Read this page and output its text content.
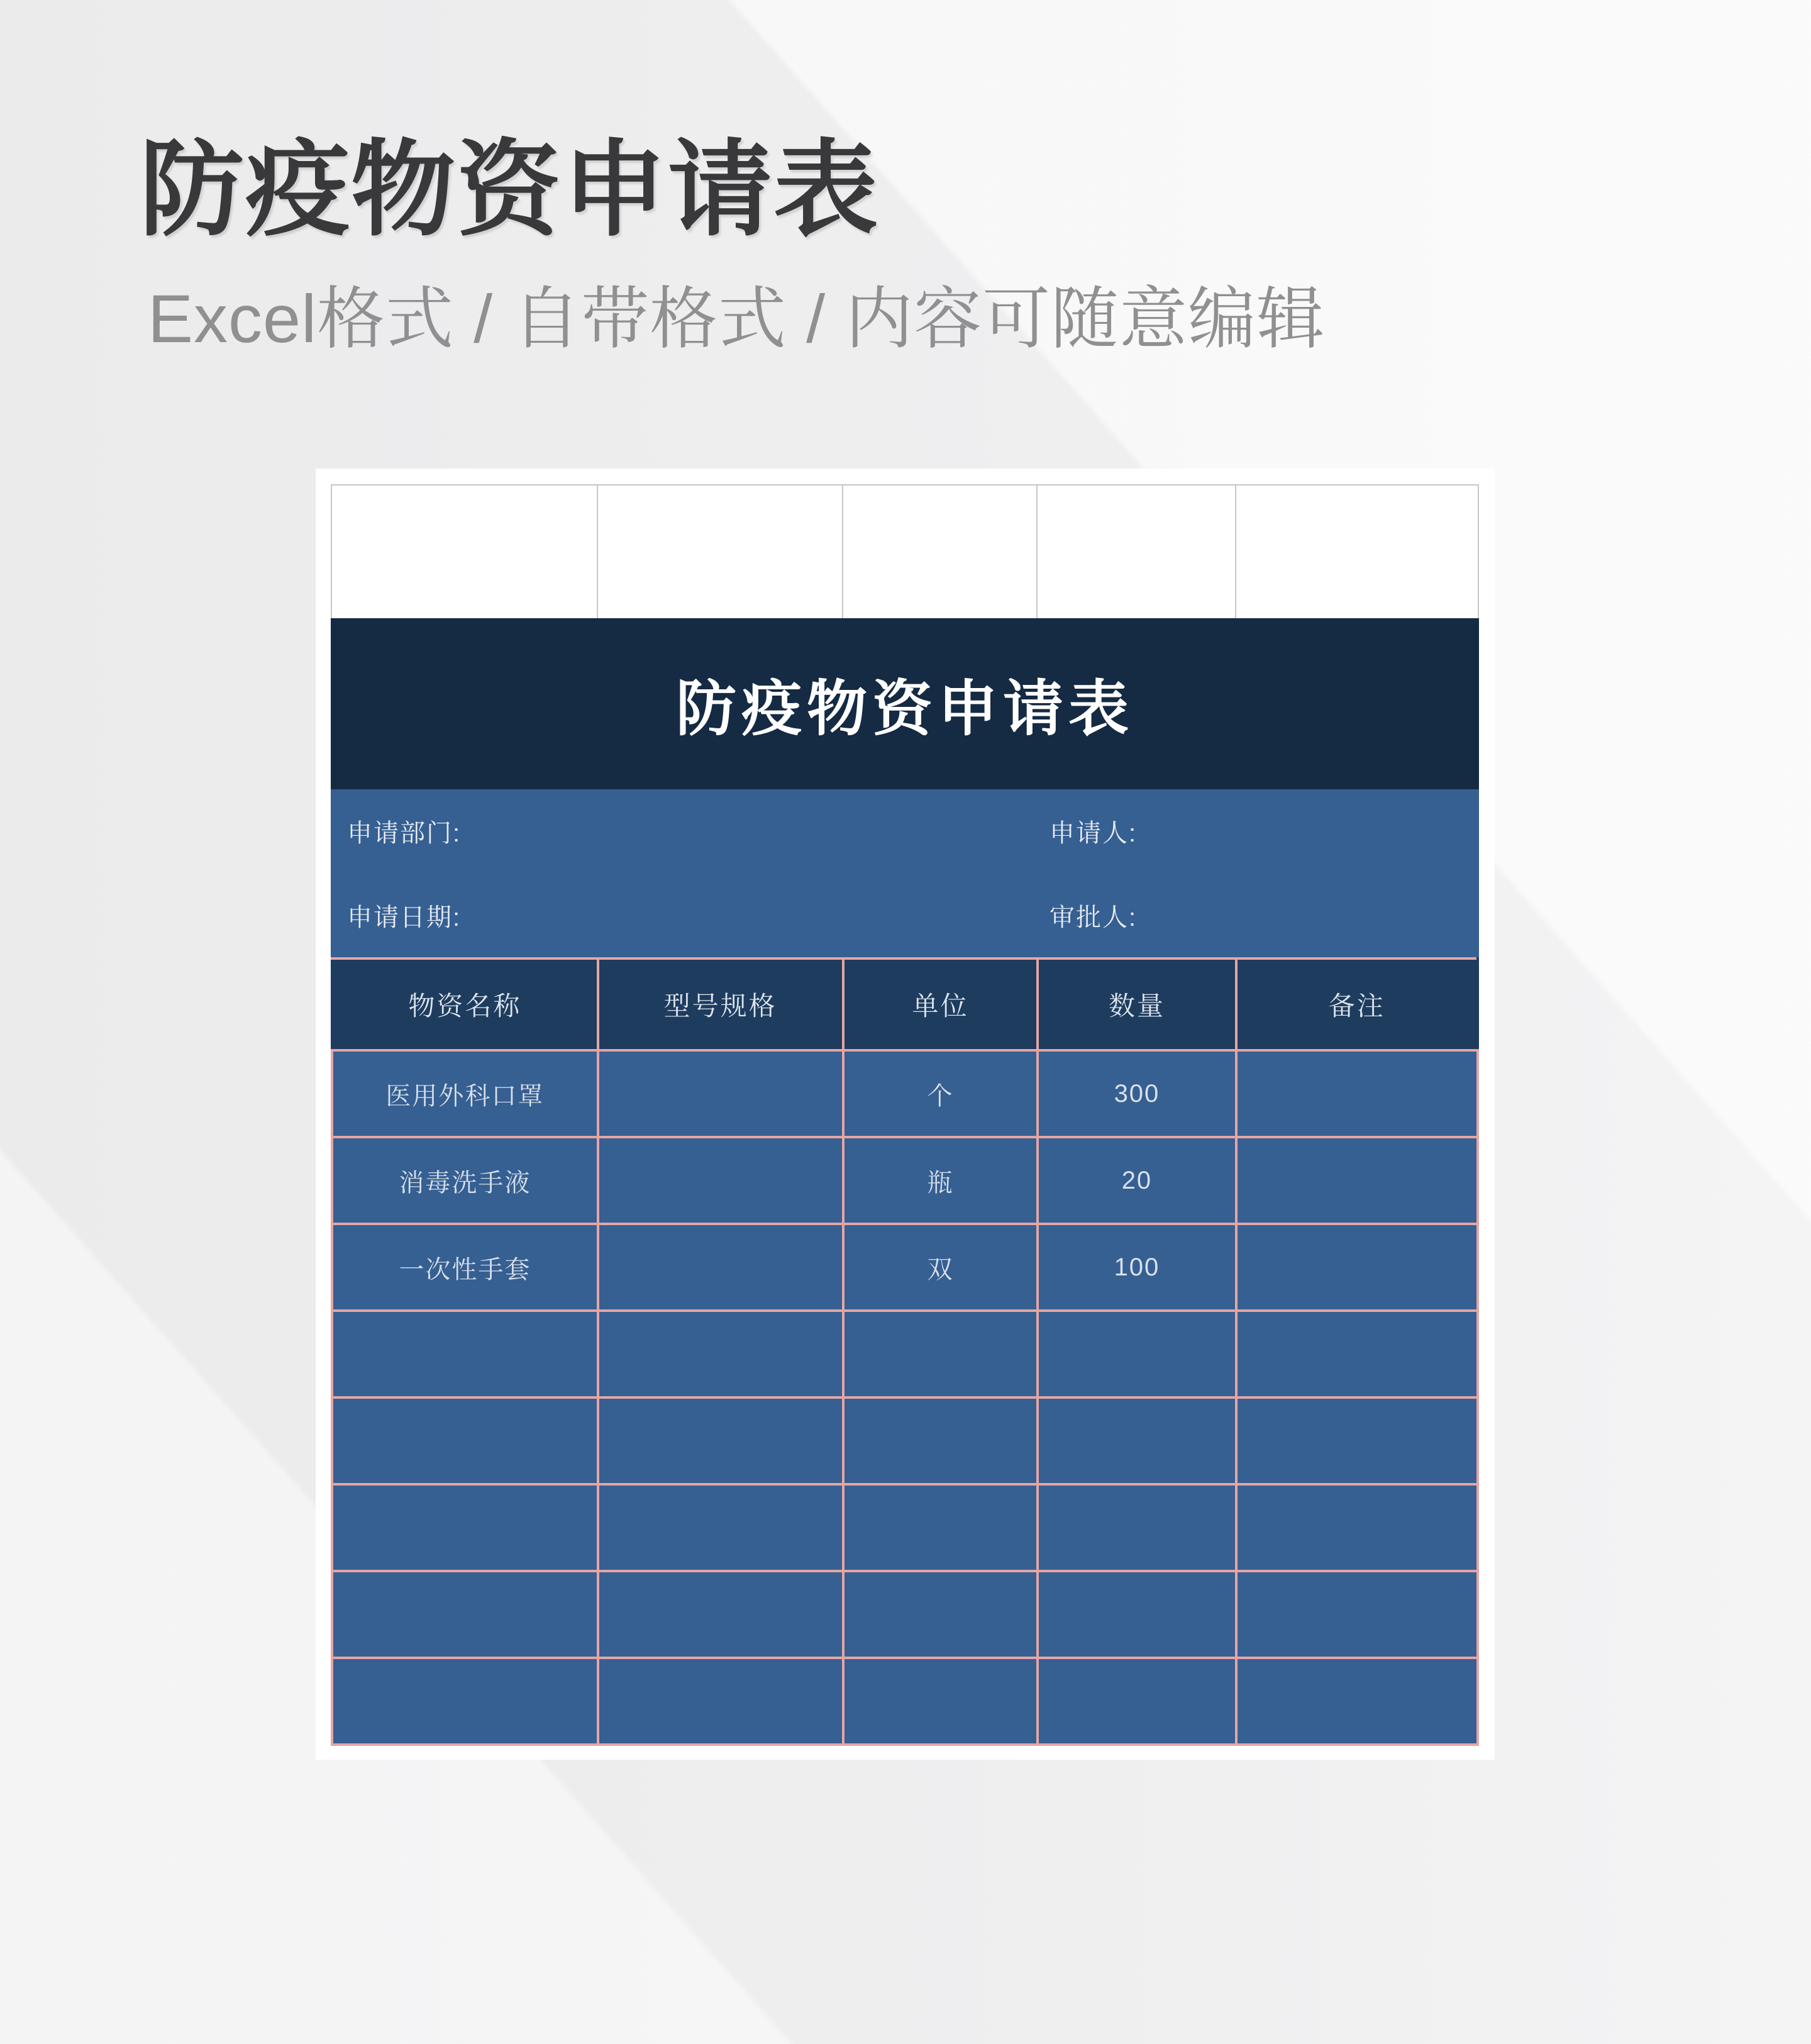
防疫物资申请表

Excel格式 / 自带格式 / 内容可随意编辑

防疫物资申请表
申请部门:	申请人:
申请日期:	审批人:
物资名称	型号规格	单位	数量	备注
医用外科口罩		个	300	
消毒洗手液		瓶	20	
一次性手套		双	100	
